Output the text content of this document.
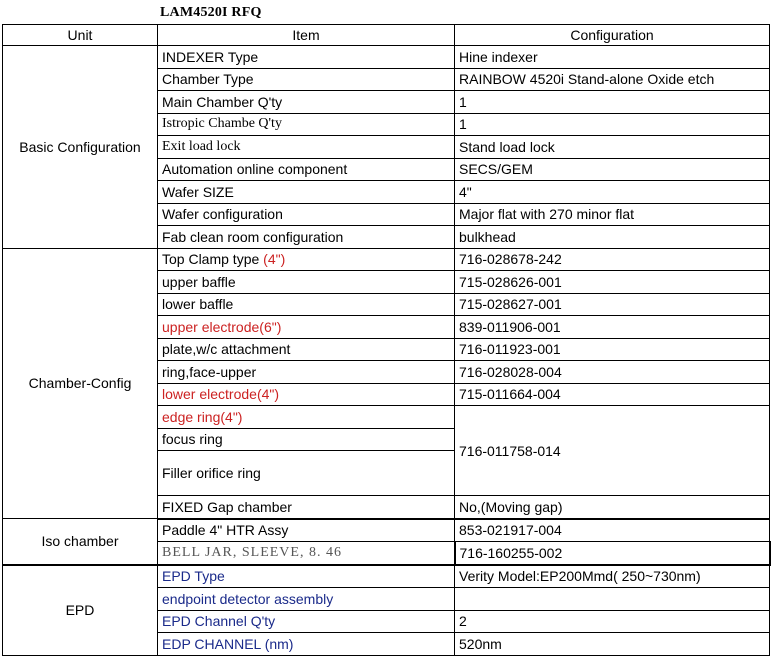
LAM4520I RFQ
Unit	Item	Configuration
Basic Configuration	INDEXER Type	Hine indexer
	Chamber Type	RAINBOW 4520i Stand-alone Oxide etch
	Main Chamber Q'ty	1
	Istropic Chambe Q'ty	1
	Exit load lock	Stand load lock
	Automation online component	SECS/GEM
	Wafer SIZE	4"
	Wafer configuration	Major flat with 270 minor flat
	Fab clean room configuration	bulkhead
Chamber-Config	Top Clamp type (4")	716-028678-242
	upper baffle	715-028626-001
	lower baffle	715-028627-001
	upper electrode(6")	839-011906-001
	plate,w/c attachment	716-011923-001
	ring,face-upper	716-028028-004
	lower electrode(4")	715-011664-004
	edge ring(4")	716-011758-014
	focus ring	
	Filler orifice ring	

	FIXED Gap chamber	No,(Moving gap)
Iso chamber	Paddle 4" HTR Assy	853-021917-004
	BELL JAR, SLEEVE, 8. 46	716-160255-002
EPD	EPD Type	Verity Model:EP200Mmd( 250~730nm)
	endpoint detector assembly	
	EPD Channel Q'ty	2
	EDP CHANNEL (nm)	520nm
